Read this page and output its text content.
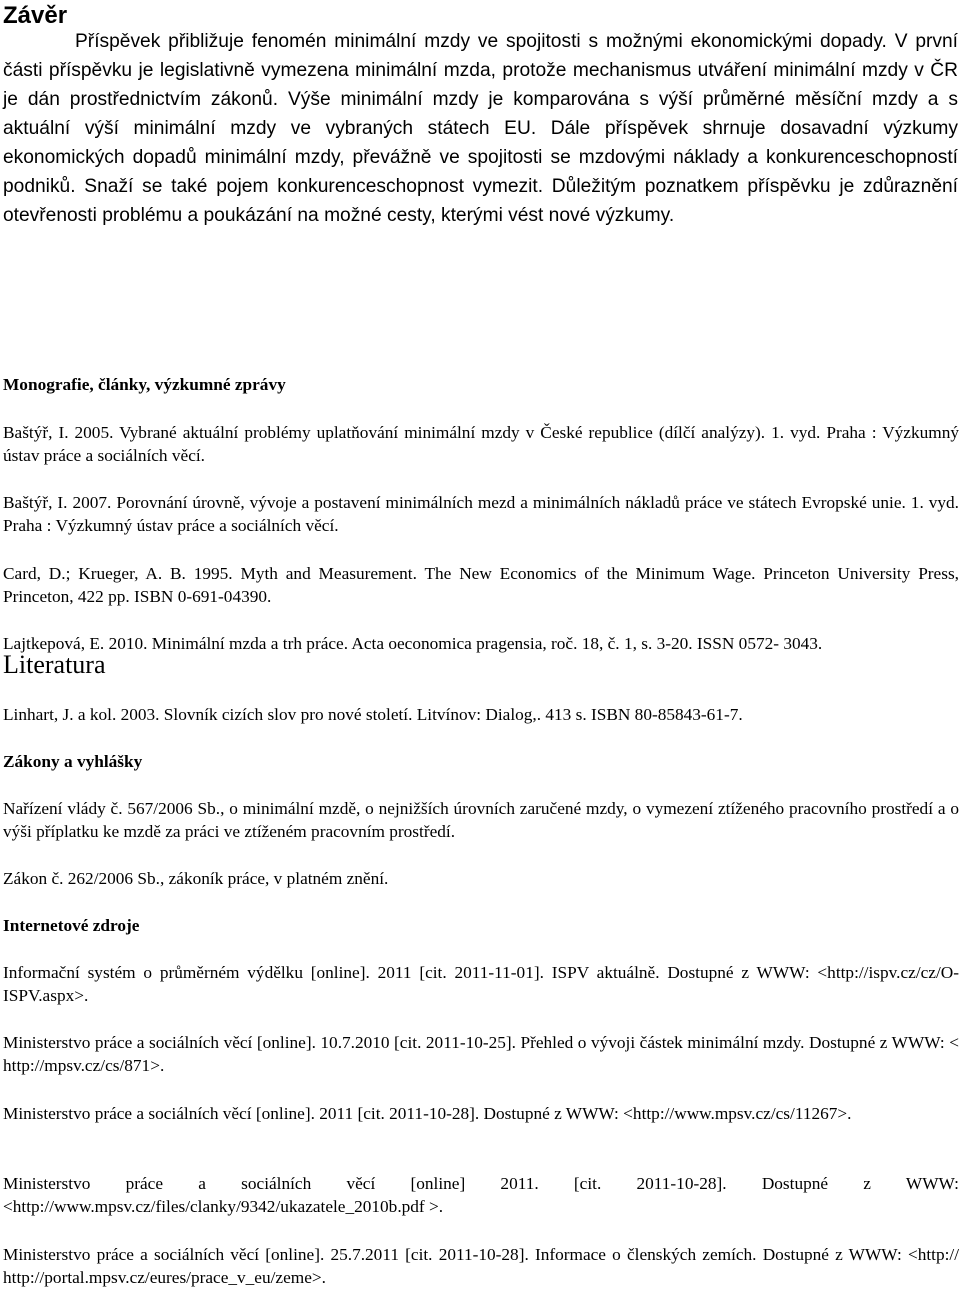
Závěr

Příspěvek přibližuje fenomén minimální mzdy ve spojitosti s možnými ekonomickými dopady. V první části příspěvku je legislativně vymezena minimální mzda, protože mechanismus utváření minimální mzdy v ČR je dán prostřednictvím zákonů. Výše minimální mzdy je komparována s výší průměrné měsíční mzdy a s aktuální výší minimální mzdy ve vybraných státech EU. Dále příspěvek shrnuje dosavadní výzkumy ekonomických dopadů minimální mzdy, převážně ve spojitosti se mzdovými náklady a konkurenceschopností podniků. Snaží se také pojem konkurenceschopnost vymezit. Důležitým poznatkem příspěvku je zdůraznění otevřenosti problému a poukázání na možné cesty, kterými vést nové výzkumy.

Literatura
Monografie, články, výzkumné zprávy

Baštýř, I. 2005. Vybrané aktuální problémy uplatňování minimální mzdy v České republice (dílčí analýzy). 1. vyd. Praha : Výzkumný ústav práce a sociálních věcí.

Baštýř, I. 2007. Porovnání úrovně, vývoje a postavení minimálních mezd a minimálních nákladů práce ve státech Evropské unie. 1. vyd. Praha : Výzkumný ústav práce a sociálních věcí.

Card, D.; Krueger, A. B. 1995. Myth and Measurement. The New Economics of the Minimum Wage. Princeton University Press, Princeton, 422 pp. ISBN 0-691-04390.

Lajtkepová, E. 2010. Minimální mzda a trh práce. Acta oeconomica pragensia, roč. 18, č. 1, s. 3-20. ISSN 0572- 3043.

Linhart, J. a kol. 2003. Slovník cizích slov pro nové století. Litvínov: Dialog,. 413 s. ISBN 80-85843-61-7.

Zákony a vyhlášky

Nařízení vlády č. 567/2006 Sb., o minimální mzdě, o nejnižších úrovních zaručené mzdy, o vymezení ztíženého pracovního prostředí a o výši příplatku ke mzdě za práci ve ztíženém pracovním prostředí.

Zákon č. 262/2006 Sb., zákoník práce, v platném znění.

Internetové zdroje

Informační systém o průměrném výdělku [online]. 2011 [cit. 2011-11-01]. ISPV aktuálně. Dostupné z WWW: <http://ispv.cz/cz/O-ISPV.aspx>.

Ministerstvo práce a sociálních věcí [online]. 10.7.2010 [cit. 2011-10-25]. Přehled o vývoji částek minimální mzdy. Dostupné z WWW: < http://mpsv.cz/cs/871>.

Ministerstvo práce a sociálních věcí [online]. 2011 [cit. 2011-10-28]. Dostupné z WWW: <http://www.mpsv.cz/cs/11267>.

Ministerstvo práce a sociálních věcí [online] 2011. [cit. 2011-10-28]. Dostupné z WWW: <http://www.mpsv.cz/files/clanky/9342/ukazatele_2010b.pdf >.

Ministerstvo práce a sociálních věcí [online]. 25.7.2011 [cit. 2011-10-28]. Informace o členských zemích. Dostupné z WWW: <http:// http://portal.mpsv.cz/eures/prace_v_eu/zeme>.
